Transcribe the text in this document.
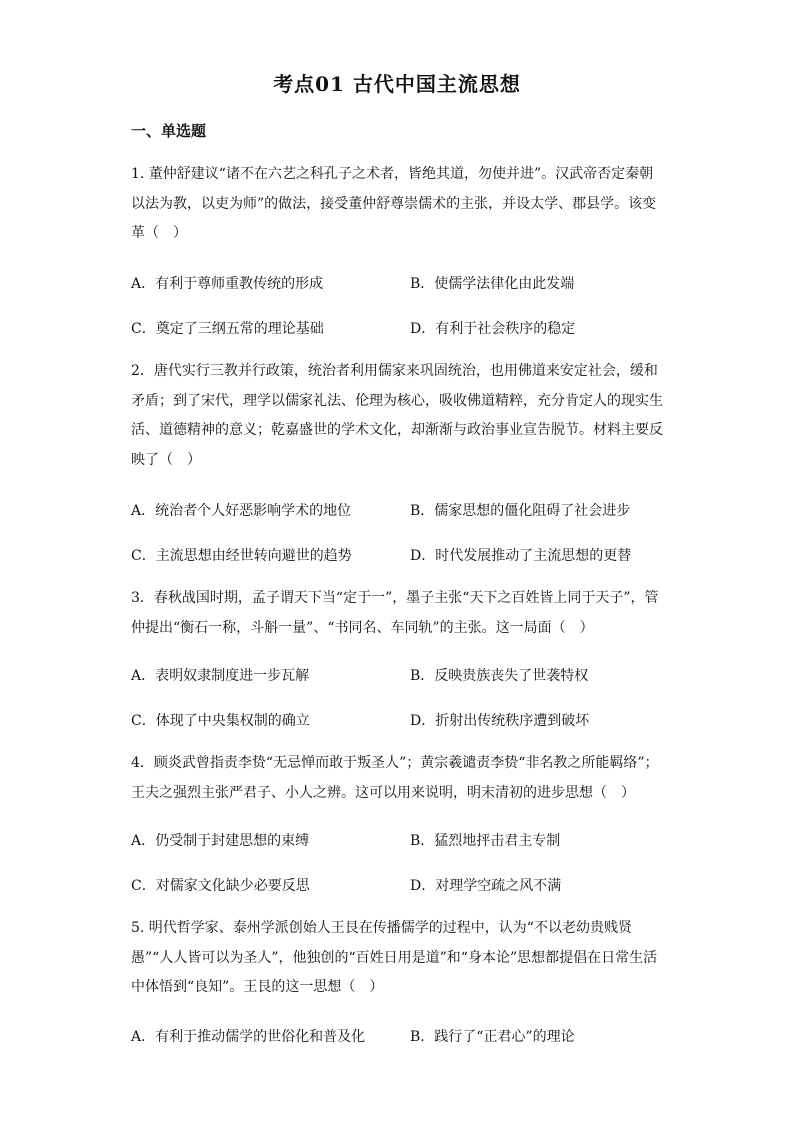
考点01 古代中国主流思想
一、单选题

1. 董仲舒建议“诸不在六艺之科孔子之术者，皆绝其道，勿使并进”。汉武帝否定秦朝以法为教，以吏为师”的做法，接受董仲舒尊崇儒术的主张，并设太学、郡县学。该变革（　）

A．有利于尊师重教传统的形成	B．使儒学法律化由此发端
C．奠定了三纲五常的理论基础	D．有利于社会秩序的稳定

2．唐代实行三教并行政策，统治者利用儒家来巩固统治，也用佛道来安定社会，缓和矛盾；到了宋代，理学以儒家礼法、伦理为核心，吸收佛道精粹，充分肯定人的现实生活、道德精神的意义；乾嘉盛世的学术文化，却渐渐与政治事业宣告脱节。材料主要反映了（　）

A．统治者个人好恶影响学术的地位	B．儒家思想的僵化阻碍了社会进步
C．主流思想由经世转向避世的趋势	D．时代发展推动了主流思想的更替

3．春秋战国时期，孟子谓天下当“定于一”，墨子主张“天下之百姓皆上同于天子”，管仲提出“衡石一称，斗斛一量”、“书同名、车同轨”的主张。这一局面（　）

A．表明奴隶制度进一步瓦解	B．反映贵族丧失了世袭特权
C．体现了中央集权制的确立	D．折射出传统秩序遭到破坏

4．顾炎武曾指责李贽“无忌惮而敢于叛圣人”；黄宗羲谴责李贽“非名教之所能羁络”；王夫之强烈主张严君子、小人之辨。这可以用来说明，明末清初的进步思想（　）

A．仍受制于封建思想的束缚	B．猛烈地抨击君主专制
C．对儒家文化缺少必要反思	D．对理学空疏之风不满

5. 明代哲学家、泰州学派创始人王艮在传播儒学的过程中，认为“不以老幼贵贱贤愚”“人人皆可以为圣人”，他独创的“百姓日用是道”和“身本论”思想都提倡在日常生活中体悟到“良知”。王艮的这一思想（　）

A．有利于推动儒学的世俗化和普及化	B．践行了“正君心”的理论
